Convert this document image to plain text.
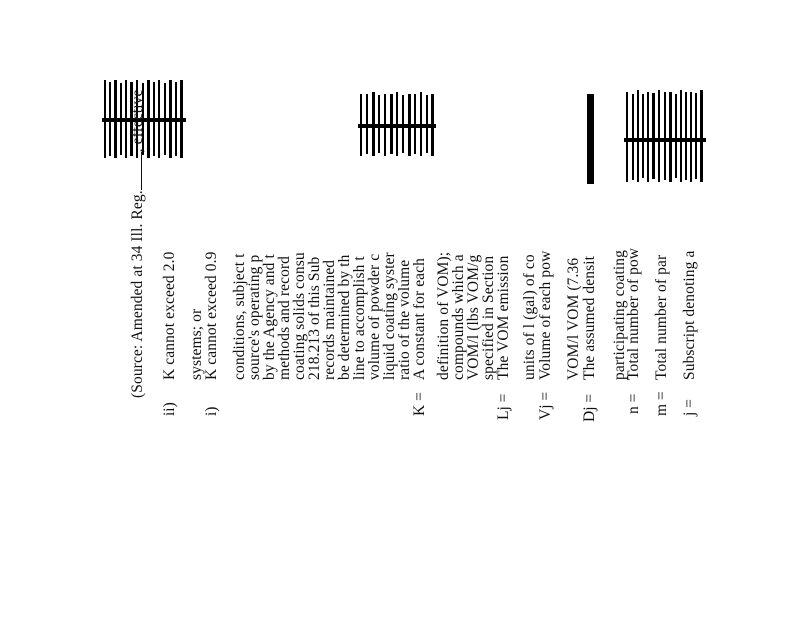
j =
m =
n =
Dj =
Vj =
Lj =
K =
Subscript denoting a
Total number of par
Total number of pow
participating coating
The assumed densit
VOM/l VOM (7.36
Volume of each pow
units of l (gal) of co
The VOM emission
specified in Section
VOM/l (lbs VOM/g
compounds which a
definition of VOM);
A constant for each
ratio of the volume
liquid coating syster
volume of powder c
line to accomplish t
be determined by th
records maintained
218.213 of this Sub
coating solids consu
methods and record
by the Agency and t
source's operating p
conditions, subject t
i)
K cannot exceed 0.9
systems; or
ii)
K cannot exceed 2.0
(Source: Amended at 34 Ill. Reg., effective
